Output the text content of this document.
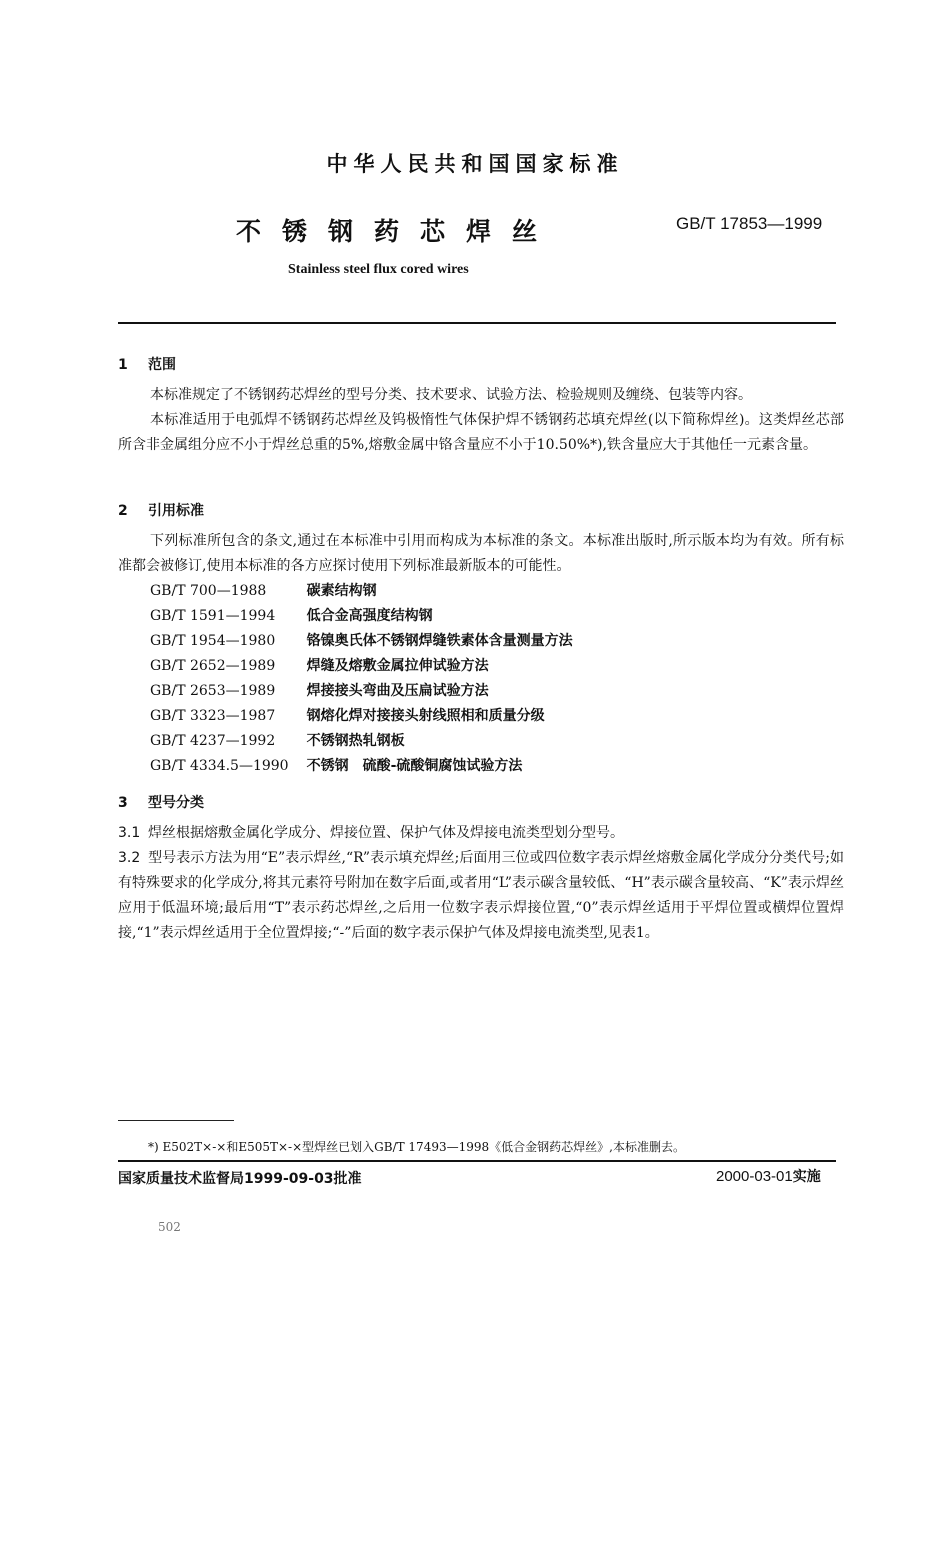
中华人民共和国国家标准
不锈钢药芯焊丝	GB/T 17853—1999
Stainless steel flux cored wires
1 范围
本标准规定了不锈钢药芯焊丝的型号分类、技术要求、试验方法、检验规则及缠绕、包装等内容。
本标准适用于电弧焊不锈钢药芯焊丝及钨极惰性气体保护焊不锈钢药芯填充焊丝(以下简称焊丝)。这类焊丝芯部所含非金属组分应不小于焊丝总重的5%,熔敷金属中铬含量应不小于10.50%*),铁含量应大于其他任一元素含量。
2 引用标准
下列标准所包含的条文,通过在本标准中引用而构成为本标准的条文。本标准出版时,所示版本均为有效。所有标准都会被修订,使用本标准的各方应探讨使用下列标准最新版本的可能性。
GB/T 700—1988	碳素结构钢
GB/T 1591—1994 低合金高强度结构钢
GB/T 1954—1980 铬镍奥氏体不锈钢焊缝铁素体含量测量方法
GB/T 2652—1989 焊缝及熔敷金属拉伸试验方法
GB/T 2653—1989 焊接接头弯曲及压扁试验方法
GB/T 3323—1987 钢熔化焊对接接头射线照相和质量分级
GB/T 4237—1992 不锈钢热轧钢板
GB/T 4334.5—1990 不锈钢　硫酸-硫酸铜腐蚀试验方法
3 型号分类
3.1 焊丝根据熔敷金属化学成分、焊接位置、保护气体及焊接电流类型划分型号。
3.2 型号表示方法为用“E”表示焊丝,“R”表示填充焊丝;后面用三位或四位数字表示焊丝熔敷金属化学成分分类代号;如有特殊要求的化学成分,将其元素符号附加在数字后面,或者用“L”表示碳含量较低、“H”表示碳含量较高、“K”表示焊丝应用于低温环境;最后用“T”表示药芯焊丝,之后用一位数字表示焊接位置,“0”表示焊丝适用于平焊位置或横焊位置焊接,“1”表示焊丝适用于全位置焊接;“-”后面的数字表示保护气体及焊接电流类型,见表1。
*) E502T×-×和E505T×-×型焊丝已划入GB/T 17493—1998《低合金钢药芯焊丝》,本标准删去。
国家质量技术监督局1999-09-03批准	2000-03-01实施
502
